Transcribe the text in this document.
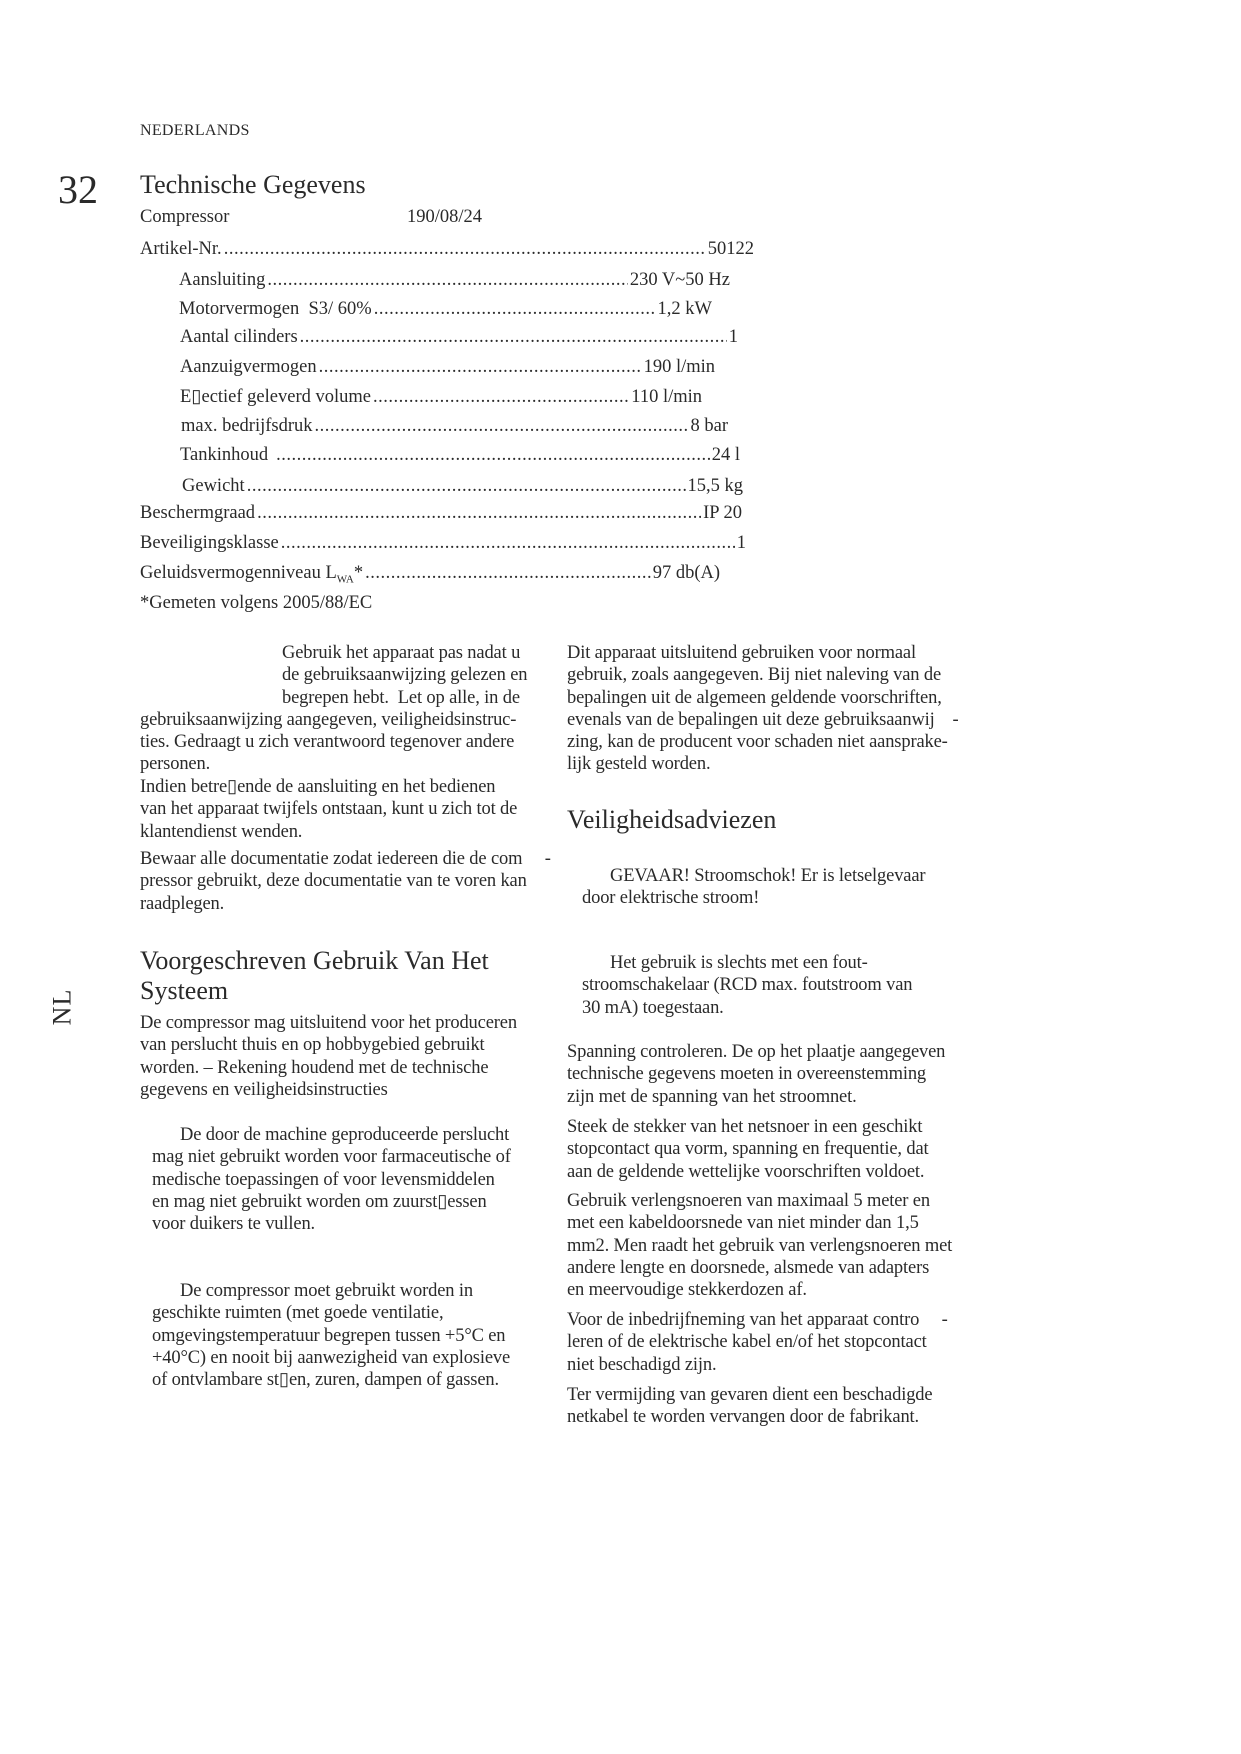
NEDERLANDS
32
NL
Technische Gegevens
Compressor	190/08/24
Artikel-Nr. .....	50122
Aansluiting .....	230 V~50 Hz
Motorvermogen  S3/ 60% .....	1,2 kW
Aantal cilinders .....	1
Aanzuigvermogen .....	190 l/min
E▯ectief geleverd volume .....	110 l/min
max. bedrijfsdruk .....	8 bar
Tankinhoud .....	24 l
Gewicht .....	15,5 kg
Beschermgraad .....	IP 20
Beveiligingsklasse .....	1
Geluidsvermogenniveau $L_{WA}*$ .....	97 db(A)
*Gemeten volgens 2005/88/EC
Gebruik het apparaat pas nadat u
de gebruiksaanwijzing gelezen en
begrepen hebt.  Let op alle, in de
gebruiksaanwijzing aangegeven, veiligheidsinstruc-
ties. Gedraagt u zich verantwoord tegenover andere
personen.
Indien betre▯ende de aansluiting en het bedienen
van het apparaat twijfels ontstaan, kunt u zich tot de
klantendienst wenden.
Bewaar alle documentatie zodat iedereen die de com     -
pressor gebruikt, deze documentatie van te voren kan
raadplegen.
Voorgeschreven Gebruik Van Het
Systeem
De compressor mag uitsluitend voor het produceren
van perslucht thuis en op hobbygebied gebruikt
worden. – Rekening houdend met de technische
gegevens en veiligheidsinstructies
De door de machine geproduceerde perslucht
mag niet gebruikt worden voor farmaceutische of
medische toepassingen of voor levensmiddelen
en mag niet gebruikt worden om zuurst▯essen
voor duikers te vullen.
De compressor moet gebruikt worden in
geschikte ruimten (met goede ventilatie,
omgevingstemperatuur begrepen tussen +5°C en
+40°C) en nooit bij aanwezigheid van explosieve
of ontvlambare st▯en, zuren, dampen of gassen.
Dit apparaat uitsluitend gebruiken voor normaal
gebruik, zoals aangegeven. Bij niet naleving van de
bepalingen uit de algemeen geldende voorschriften,
evenals van de bepalingen uit deze gebruiksaanwij    -
zing, kan de producent voor schaden niet aansprake-
lijk gesteld worden.
Veiligheidsadviezen
GEVAAR! Stroomschok! Er is letselgevaar
door elektrische stroom!
Het gebruik is slechts met een fout-
stroomschakelaar (RCD max. foutstroom van
30 mA) toegestaan.
Spanning controleren. De op het plaatje aangegeven
technische gegevens moeten in overeenstemming
zijn met de spanning van het stroomnet.
Steek de stekker van het netsnoer in een geschikt
stopcontact qua vorm, spanning en frequentie, dat
aan de geldende wettelijke voorschriften voldoet.
Gebruik verlengsnoeren van maximaal 5 meter en
met een kabeldoorsnede van niet minder dan 1,5
mm2. Men raadt het gebruik van verlengsnoeren met
andere lengte en doorsnede, alsmede van adapters
en meervoudige stekkerdozen af.
Voor de inbedrijfneming van het apparaat contro     -
leren of de elektrische kabel en/of het stopcontact
niet beschadigd zijn.
Ter vermijding van gevaren dient een beschadigde
netkabel te worden vervangen door de fabrikant.
